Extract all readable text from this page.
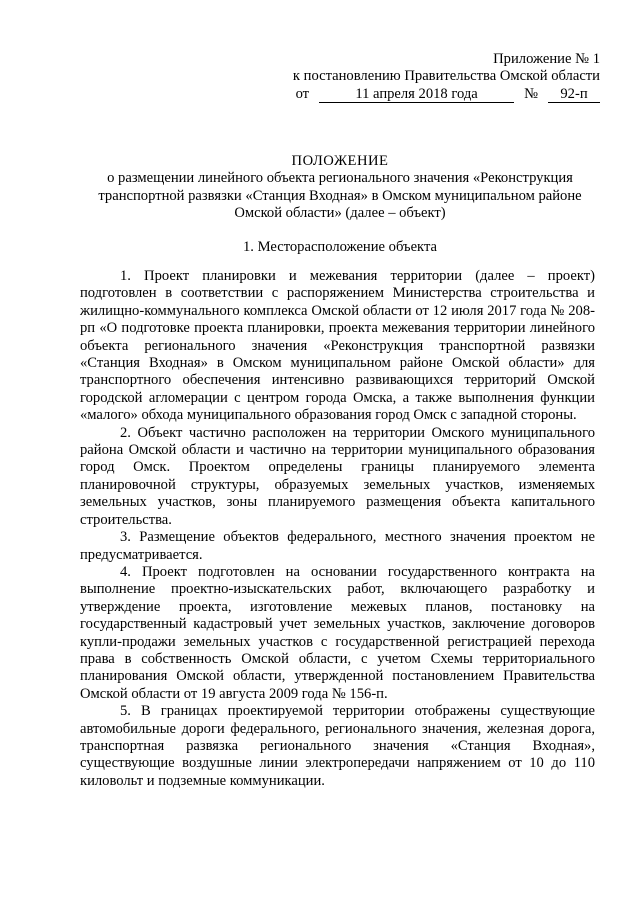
Приложение № 1
к постановлению Правительства Омской области
от	11 апреля 2018 года	№	92-п
ПОЛОЖЕНИЕ
о размещении линейного объекта регионального значения «Реконструкция
транспортной развязки «Станция Входная» в Омском муниципальном районе
Омской области» (далее – объект)
1. Месторасположение объекта

1. Проект планировки и межевания территории (далее – проект) подготовлен в соответствии с распоряжением Министерства строительства и жилищно-коммунального комплекса Омской области от 12 июля 2017 года № 208-рп «О подготовке проекта планировки, проекта межевания территории линейного объекта регионального значения «Реконструкция транспортной развязки «Станция Входная» в Омском муниципальном районе Омской области» для транспортного обеспечения интенсивно развивающихся территорий Омской городской агломерации с центром города Омска, а также выполнения функции «малого» обхода муниципального образования город Омск с западной стороны.

2. Объект частично расположен на территории Омского муниципального района Омской области и частично на территории муниципального образования город Омск. Проектом определены границы планируемого элемента планировочной структуры, образуемых земельных участков, изменяемых земельных участков, зоны планируемого размещения объекта капитального строительства.

3. Размещение объектов федерального, местного значения проектом не предусматривается.

4. Проект подготовлен на основании государственного контракта на выполнение проектно-изыскательских работ, включающего разработку и утверждение проекта, изготовление межевых планов, постановку на государственный кадастровый учет земельных участков, заключение договоров купли-продажи земельных участков с государственной регистрацией перехода права в собственность Омской области, с учетом Схемы территориального планирования Омской области, утвержденной постановлением Правительства Омской области от 19 августа 2009 года № 156-п.

5. В границах проектируемой территории отображены существующие автомобильные дороги федерального, регионального значения, железная дорога, транспортная развязка регионального значения «Станция Входная», существующие воздушные линии электропередачи напряжением от 10 до 110 киловольт и подземные коммуникации.
